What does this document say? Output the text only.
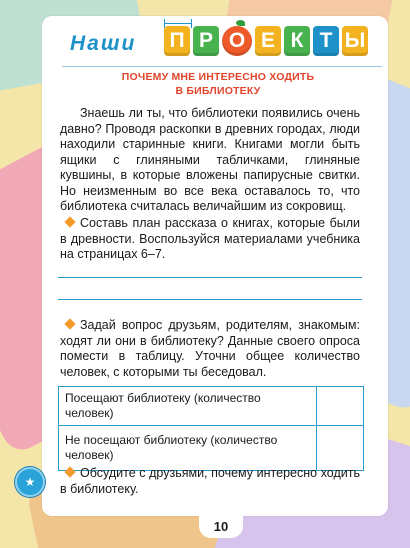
Наши П Р О Е К Т Ы
ПОЧЕМУ МНЕ ИНТЕРЕСНО ХОДИТЬ
В БИБЛИОТЕКУ
Знаешь ли ты, что библиотеки появились очень давно? Проводя раскопки в древних городах, люди находили старинные книги. Книгами могли быть ящики с глиняными табличками, глиняные кувшины, в которые вложены папирусные свитки. Но неизменным во все века оставалось то, что библиотека считалась величайшим из сокровищ.
Составь план рассказа о книгах, которые были в древности. Воспользуйся материалами учебника на страницах 6–7.
Задай вопрос друзьям, родителям, знакомым: ходят ли они в библиотеку? Данные своего опроса помести в таблицу. Уточни общее количество человек, с которыми ты беседовал.
Посещают библиотеку (количество человек)	
Не посещают библиотеку (количество человек)	
★
Обсудите с друзьями, почему интересно ходить в библиотеку.
10
